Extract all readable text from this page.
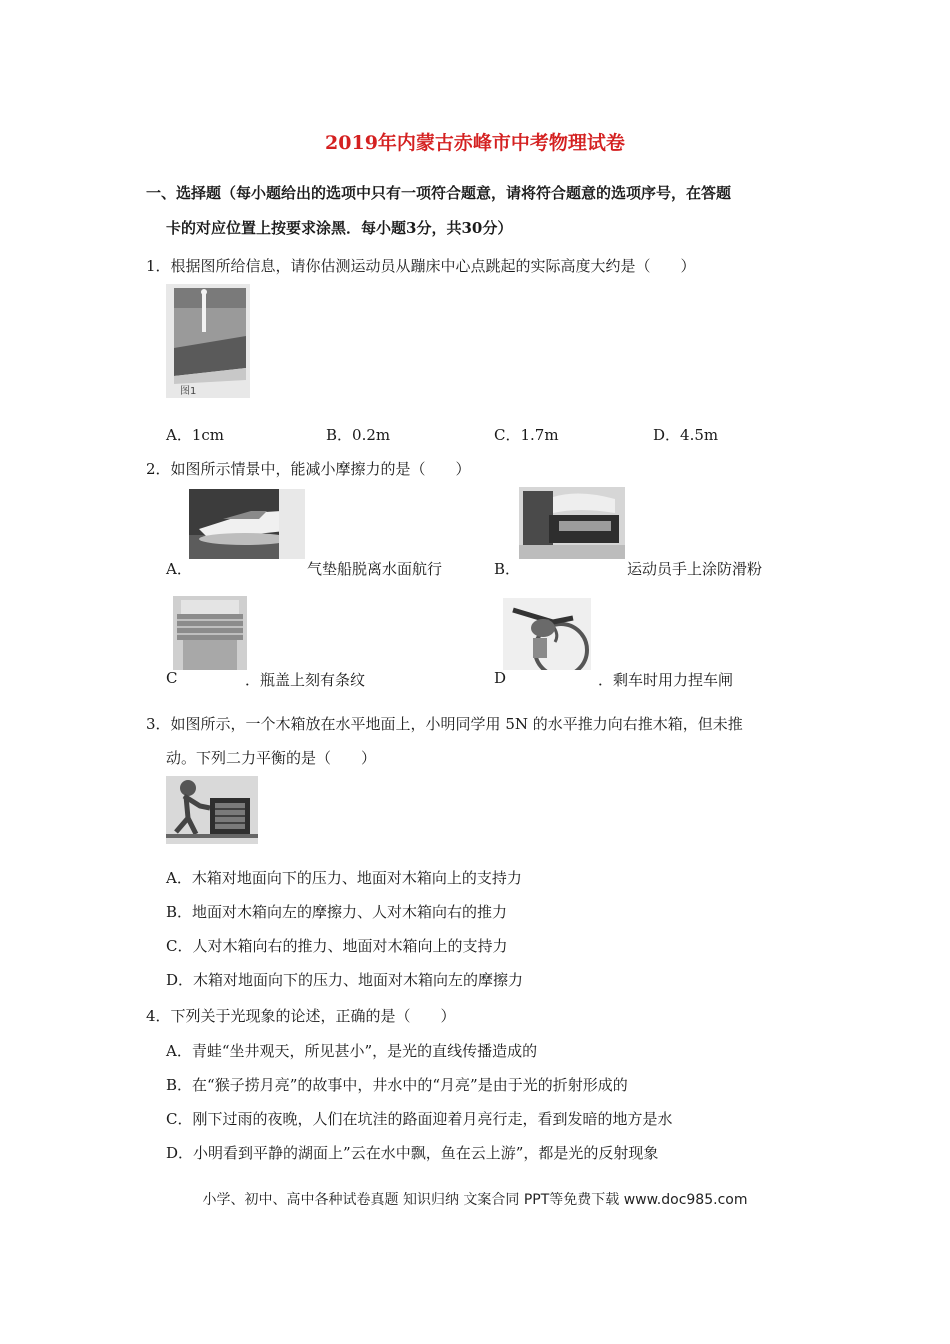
2019年内蒙古赤峰市中考物理试卷
一、选择题（每小题给出的选项中只有一项符合题意，请将符合题意的选项序号，在答题
卡的对应位置上按要求涂黑．每小题3分，共30分）
1．根据图所给信息，请你估测运动员从蹦床中心点跳起的实际高度大约是（　　）
图1
A．1cm	B．0.2m	C．1.7m	D．4.5m
2．如图所示情景中，能减小摩擦力的是（　　）
A．	气垫船脱离水面航行	B．	运动员手上涂防滑粉
C	．瓶盖上刻有条纹	D	．剩车时用力捏车闸
3．如图所示，一个木箱放在水平地面上，小明同学用 5N 的水平推力向右推木箱，但未推
动。下列二力平衡的是（　　）
A．木箱对地面向下的压力、地面对木箱向上的支持力
B．地面对木箱向左的摩擦力、人对木箱向右的推力
C．人对木箱向右的推力、地面对木箱向上的支持力
D．木箱对地面向下的压力、地面对木箱向左的摩擦力
4．下列关于光现象的论述，正确的是（　　）
A．青蛙“坐井观天，所见甚小”，是光的直线传播造成的
B．在“猴子捞月亮”的故事中，井水中的“月亮”是由于光的折射形成的
C．刚下过雨的夜晚，人们在坑洼的路面迎着月亮行走，看到发暗的地方是水
D．小明看到平静的湖面上”云在水中飘，鱼在云上游”，都是光的反射现象
小学、初中、高中各种试卷真题 知识归纳 文案合同 PPT等免费下载 www.doc985.com
